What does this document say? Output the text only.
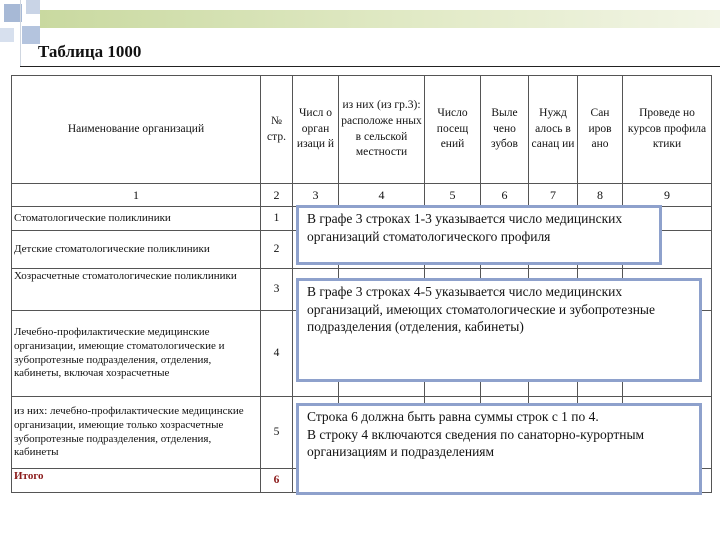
Таблица 1000
Наименование организаций	№ стр.	Числ о орган изаци й	из них (из гр.3): расположе нных в сельской местности	Число посещ ений	Выле чено зубов	Нужд алось в санац ии	Сан иров ано	Проведе но курсов профила ктики
1	2	3	4	5	6	7	8	9
Стоматологические поликлиники	1							
Детские стоматологические поликлиники	2							
Хозрасчетные стоматологические поликлиники	3							
Лечебно-профилактические медицинские организации, имеющие стоматологические и зубопротезные подразделения, отделения, кабинеты, включая хозрасчетные	4							
из них: лечебно-профилактические медицинские организации, имеющие только хозрасчетные зубопротезные подразделения, отделения, кабинеты	5							
Итого	6							
В графе 3 строках 1-3 указывается число медицинских организаций стоматологического профиля
В графе 3 строках 4-5 указывается число медицинских организаций, имеющих стоматологические и зубопротезные подразделения (отделения, кабинеты)
Строка 6 должна быть равна суммы строк с 1 по 4.
В строку 4 включаются сведения по санаторно-курортным организациям и подразделениям
